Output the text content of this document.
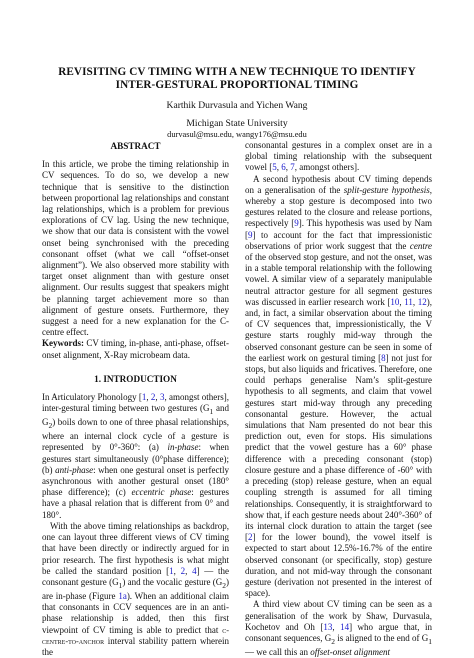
REVISITING CV TIMING WITH A NEW TECHNIQUE TO IDENTIFY
INTER-GESTURAL PROPORTIONAL TIMING
Karthik Durvasula and Yichen Wang
Michigan State University
durvasul@msu.edu, wangy176@msu.edu
ABSTRACT

In this article, we probe the timing relationship in CV sequences. To do so, we develop a new technique that is sensitive to the distinction between proportional lag relationships and constant lag relationships, which is a problem for previous explorations of CV lag. Using the new technique, we show that our data is consistent with the vowel onset being synchronised with the preceding consonant offset (what we call “offset-onset alignment”). We also observed more stability with target onset alignment than with gesture onset alignment. Our results suggest that speakers might be planning target achievement more so than alignment of gesture onsets. Furthermore, they suggest a need for a new explanation for the C-centre effect.

Keywords: CV timing, in-phase, anti-phase, offset-onset alignment, X-Ray microbeam data.

1. INTRODUCTION

In Articulatory Phonology [1, 2, 3, amongst others], inter-gestural timing between two gestures ($G_1$ and $G_2$) boils down to one of three phasal relationships, where an internal clock cycle of a gesture is represented by 0°-360°: (a) in-phase: when gestures start simultaneously (0°phase difference); (b) anti-phase: when one gestural onset is perfectly asynchronous with another gestural onset (180° phase difference); (c) eccentric phase: gestures have a phasal relation that is different from 0° and 180°.

With the above timing relationships as backdrop, one can layout three different views of CV timing that have been directly or indirectly argued for in prior research. The first hypothesis is what might be called the standard position [1, 2, 4] — the consonant gesture $(G_1)$ and the vocalic gesture $(G_2)$ are in-phase (Figure 1a). When an additional claim that consonants in CCV sequences are in an anti-phase relationship is added, then this first viewpoint of CV timing is able to predict that c-centre-to-anchor interval stability pattern wherein the

consonantal gestures in a complex onset are in a global timing relationship with the subsequent vowel [5, 6, 7, amongst others].

A second hypothesis about CV timing depends on a generalisation of the split-gesture hypothesis, whereby a stop gesture is decomposed into two gestures related to the closure and release portions, respectively [9]. This hypothesis was used by Nam [9] to account for the fact that impressionistic observations of prior work suggest that the centre of the observed stop gesture, and not the onset, was in a stable temporal relationship with the following vowel. A similar view of a separately manipulable neutral attractor gesture for all segment gestures was discussed in earlier research work [10, 11, 12), and, in fact, a similar observation about the timing of CV sequences that, impressionistically, the V gesture starts roughly mid-way through the observed consonant gesture can be seen in some of the earliest work on gestural timing [8] not just for stops, but also liquids and fricatives. Therefore, one could perhaps generalise Nam’s split-gesture hypothesis to all segments, and claim that vowel gestures start mid-way through any preceding consonantal gesture. However, the actual simulations that Nam presented do not bear this prediction out, even for stops. His simulations predict that the vowel gesture has a 60° phase difference with a preceding consonant (stop) closure gesture and a phase difference of -60° with a preceding (stop) release gesture, when an equal coupling strength is assumed for all timing relationships. Consequently, it is straightforward to show that, if each gesture needs about 240°-360° of its internal clock duration to attain the target (see [2] for the lower bound), the vowel itself is expected to start about 12.5%-16.7% of the entire observed consonant (or specifically, stop) gesture duration, and not mid-way through the consonant gesture (derivation not presented in the interest of space).

A third view about CV timing can be seen as a generalisation of the work by Shaw, Durvasula, Kochetov and Oh [13, 14] who argue that, in consonant sequences, $G_2$ is aligned to the end of $G_1$ — we call this an offset-onset alignment
